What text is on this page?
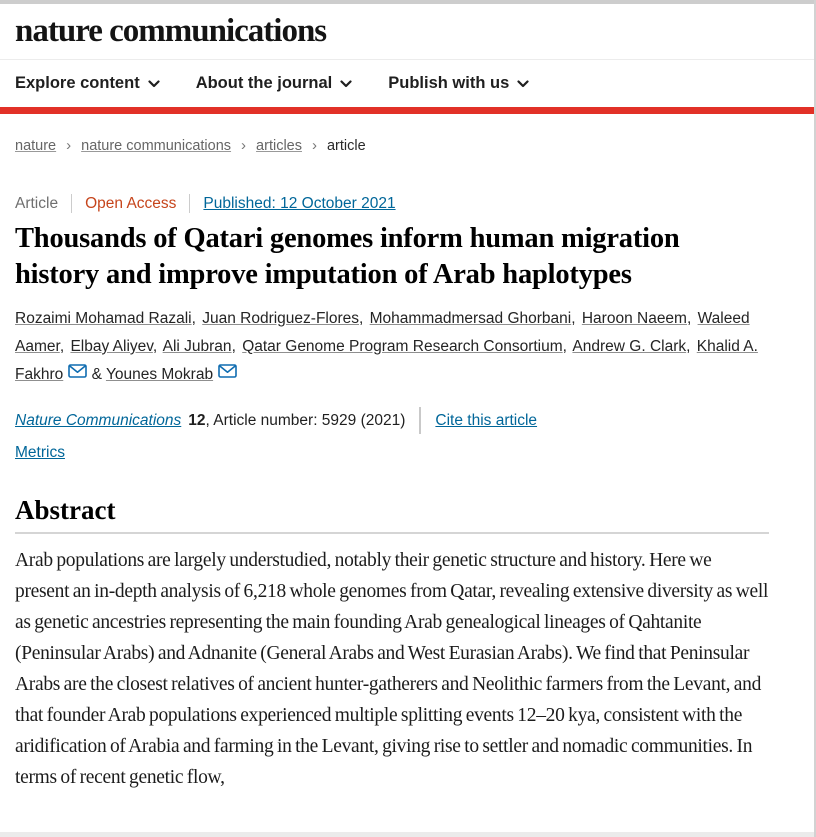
nature communications
Explore content	About the journal	Publish with us
nature › nature communications › articles › article
Article Open Access Published: 12 October 2021
Thousands of Qatari genomes inform human migration history and improve imputation of Arab haplotypes

Rozaimi Mohamad Razali, Juan Rodriguez-Flores, Mohammadmersad Ghorbani, Haroon Naeem, Waleed Aamer, Elbay Aliyev, Ali Jubran, Qatar Genome Program Research Consortium, Andrew G. Clark, Khalid A. Fakhro & Younes Mokrab

Nature Communications 12 , Article number: 5929 (2021) Cite this article
Metrics
Abstract

Arab populations are largely understudied, notably their genetic structure and history. Here we present an in-depth analysis of 6,218 whole genomes from Qatar, revealing extensive diversity as well as genetic ancestries representing the main founding Arab genealogical lineages of Qahtanite (Peninsular Arabs) and Adnanite (General Arabs and West Eurasian Arabs). We find that Peninsular Arabs are the closest relatives of ancient hunter-gatherers and Neolithic farmers from the Levant, and that founder Arab populations experienced multiple splitting events 12–20 kya, consistent with the aridification of Arabia and farming in the Levant, giving rise to settler and nomadic communities. In terms of recent genetic flow,
